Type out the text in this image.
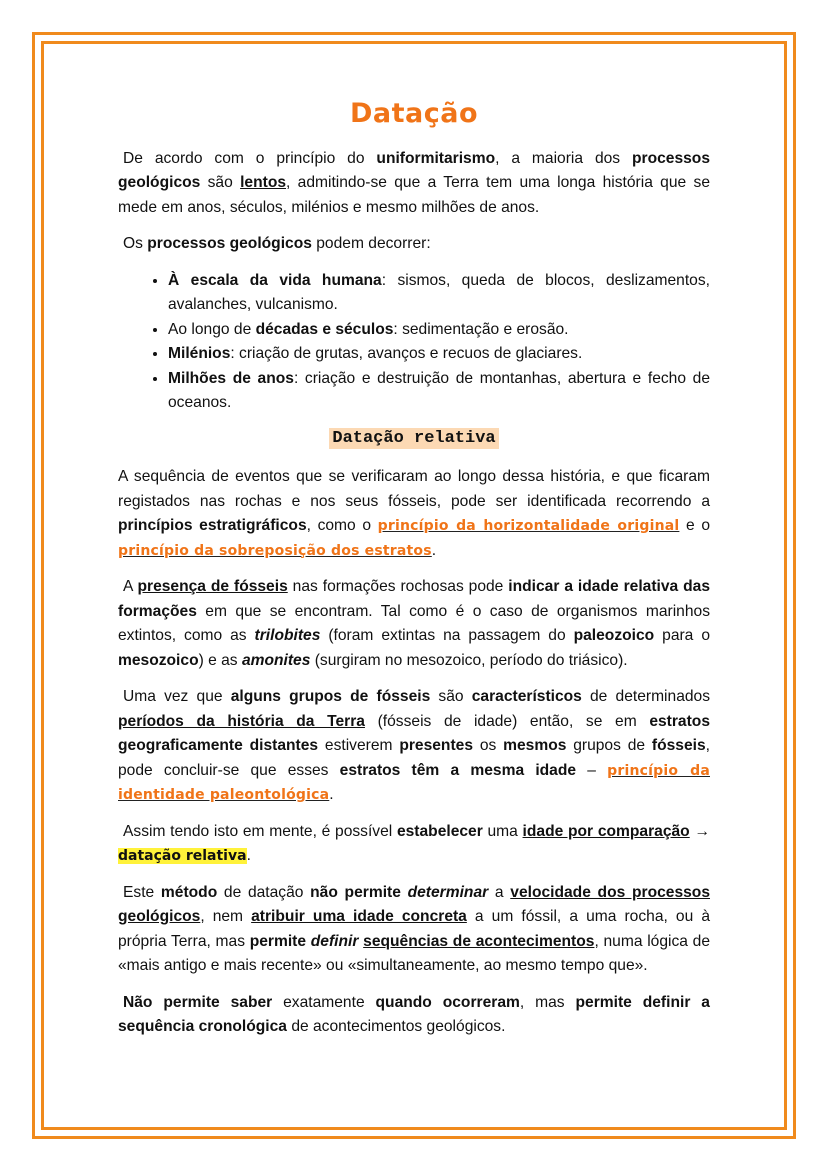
Datação

De acordo com o princípio do uniformitarismo, a maioria dos processos geológicos são lentos, admitindo-se que a Terra tem uma longa história que se mede em anos, séculos, milénios e mesmo milhões de anos.

Os processos geológicos podem decorrer:

• À escala da vida humana: sismos, queda de blocos, deslizamentos, avalanches, vulcanismo.
• Ao longo de décadas e séculos: sedimentação e erosão.
• Milénios: criação de grutas, avanços e recuos de glaciares.
• Milhões de anos: criação e destruição de montanhas, abertura e fecho de oceanos.
Datação relativa

A sequência de eventos que se verificaram ao longo dessa história, e que ficaram registados nas rochas e nos seus fósseis, pode ser identificada recorrendo a princípios estratigráficos, como o princípio da horizontalidade original e o princípio da sobreposição dos estratos.

A presença de fósseis nas formações rochosas pode indicar a idade relativa das formações em que se encontram. Tal como é o caso de organismos marinhos extintos, como as trilobites (foram extintas na passagem do paleozoico para o mesozoico) e as amonites (surgiram no mesozoico, período do triásico).

Uma vez que alguns grupos de fósseis são característicos de determinados períodos da história da Terra (fósseis de idade) então, se em estratos geograficamente distantes estiverem presentes os mesmos grupos de fósseis, pode concluir-se que esses estratos têm a mesma idade – princípio da identidade paleontológica.

Assim tendo isto em mente, é possível estabelecer uma idade por comparação → datação relativa.

Este método de datação não permite determinar a velocidade dos processos geológicos, nem atribuir uma idade concreta a um fóssil, a uma rocha, ou à própria Terra, mas permite definir sequências de acontecimentos, numa lógica de «mais antigo e mais recente» ou «simultaneamente, ao mesmo tempo que».

Não permite saber exatamente quando ocorreram, mas permite definir a sequência cronológica de acontecimentos geológicos.
